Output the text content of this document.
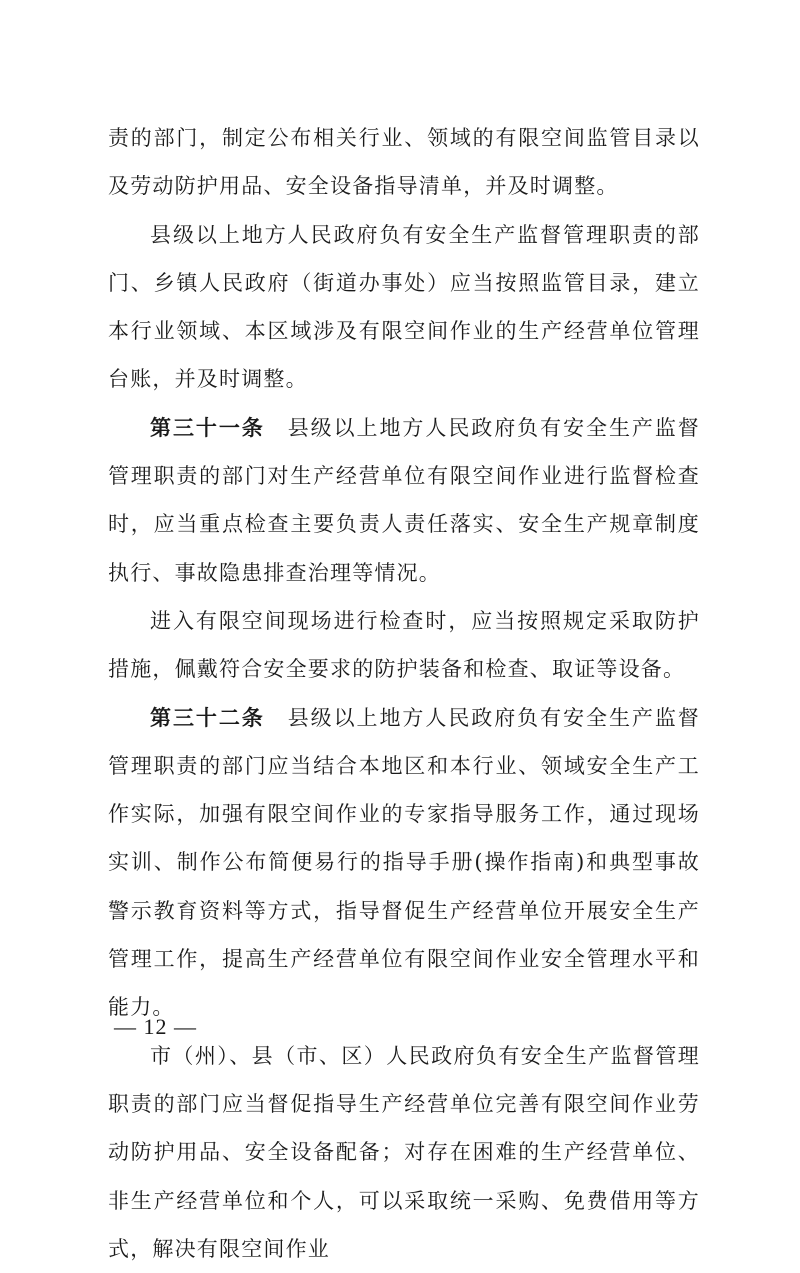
责的部门，制定公布相关行业、领域的有限空间监管目录以及劳动防护用品、安全设备指导清单，并及时调整。

县级以上地方人民政府负有安全生产监督管理职责的部门、乡镇人民政府（街道办事处）应当按照监管目录，建立本行业领域、本区域涉及有限空间作业的生产经营单位管理台账，并及时调整。

第三十一条　县级以上地方人民政府负有安全生产监督管理职责的部门对生产经营单位有限空间作业进行监督检查时，应当重点检查主要负责人责任落实、安全生产规章制度执行、事故隐患排查治理等情况。

进入有限空间现场进行检查时，应当按照规定采取防护措施，佩戴符合安全要求的防护装备和检查、取证等设备。

第三十二条　县级以上地方人民政府负有安全生产监督管理职责的部门应当结合本地区和本行业、领域安全生产工作实际，加强有限空间作业的专家指导服务工作，通过现场实训、制作公布简便易行的指导手册(操作指南)和典型事故警示教育资料等方式，指导督促生产经营单位开展安全生产管理工作，提高生产经营单位有限空间作业安全管理水平和能力。

市（州）、县（市、区）人民政府负有安全生产监督管理职责的部门应当督促指导生产经营单位完善有限空间作业劳动防护用品、安全设备配备；对存在困难的生产经营单位、非生产经营单位和个人，可以采取统一采购、免费借用等方式，解决有限空间作业

— 12 —
